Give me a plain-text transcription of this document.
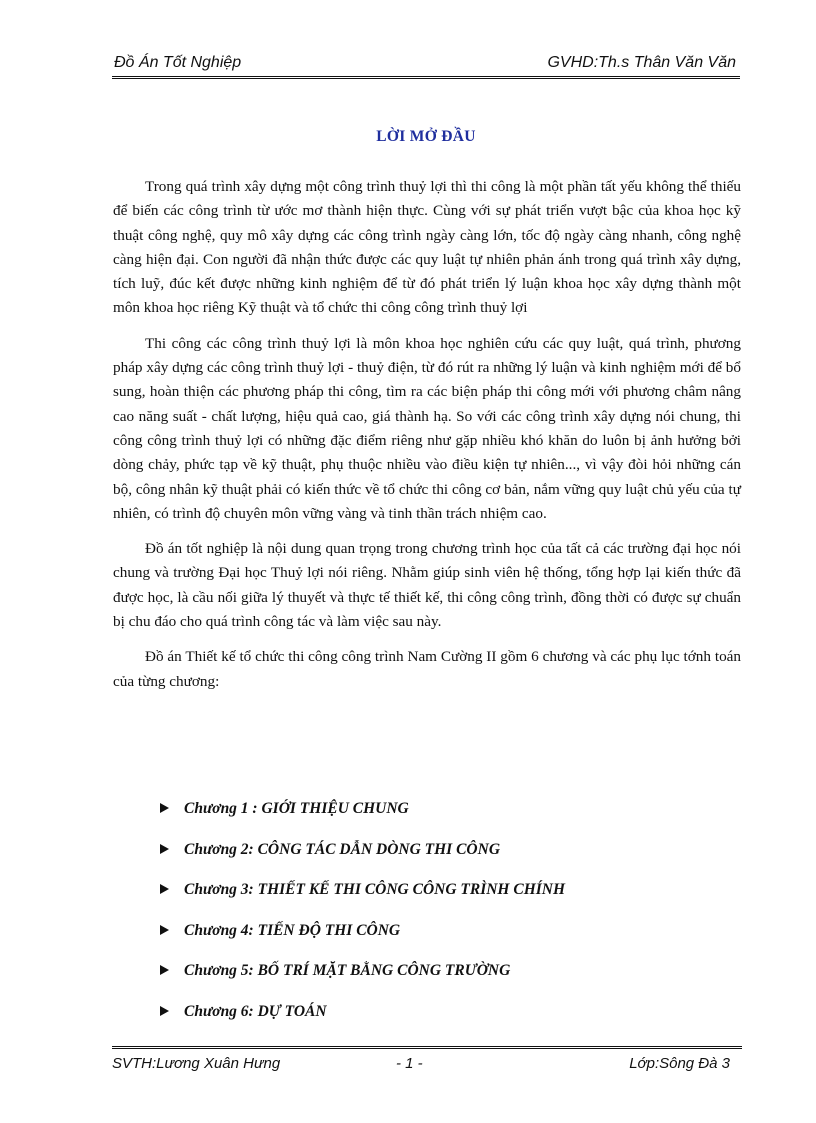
Đồ Án Tốt Nghiệp	GVHD:Th.s Thân Văn Văn
LỜI MỞ ĐẦU

Trong quá trình xây dựng một công trình thuỷ lợi thì thi công là một phần tất yếu không thể thiếu để biến các công trình từ ước mơ thành hiện thực. Cùng với sự phát triển vượt bậc của khoa học kỹ thuật công nghệ, quy mô xây dựng các công trình ngày càng lớn, tốc độ ngày càng nhanh, công nghệ càng hiện đại. Con người đã nhận thức được các quy luật tự nhiên phản ánh trong quá trình xây dựng, tích luỹ, đúc kết được những kinh nghiệm để từ đó phát triển lý luận khoa học xây dựng thành một môn khoa học riêng Kỹ thuật và tổ chức thi công công trình thuỷ lợi

Thi công các công trình thuỷ lợi là môn khoa học nghiên cứu các quy luật, quá trình, phương pháp xây dựng các công trình thuỷ lợi - thuỷ điện, từ đó rút ra những lý luận và kinh nghiệm mới để bổ sung, hoàn thiện các phương pháp thi công, tìm ra các biện pháp thi công mới với phương châm nâng cao năng suất - chất lượng, hiệu quả cao, giá thành hạ. So với các công trình xây dựng nói chung, thi công công trình thuỷ lợi có những đặc điểm riêng như gặp nhiều khó khăn do luôn bị ảnh hưởng bởi dòng chảy, phức tạp về kỹ thuật, phụ thuộc nhiều vào điều kiện tự nhiên..., vì vậy đòi hỏi những cán bộ, công nhân kỹ thuật phải có kiến thức về tổ chức thi công cơ bản, nắm vững quy luật chủ yếu của tự nhiên, có trình độ chuyên môn vững vàng và tinh thần trách nhiệm cao.

Đồ án tốt nghiệp là nội dung quan trọng trong chương trình học của tất cả các trường đại học nói chung và trường Đại học Thuỷ lợi nói riêng. Nhằm giúp sinh viên hệ thống, tổng hợp lại kiến thức đã được học, là cầu nối giữa lý thuyết và thực tế thiết kế, thi công công trình, đồng thời có được sự chuẩn bị chu đáo cho quá trình công tác và làm việc sau này.

Đồ án Thiết kế tổ chức thi công công trình Nam Cường II gồm 6 chương và các phụ lục tớnh toán của từng chương:

Chương 1 : GIỚI THIỆU CHUNG
Chương 2: CÔNG TÁC DẪN DÒNG THI CÔNG
Chương 3: THIẾT KẾ THI CÔNG CÔNG TRÌNH CHÍNH
Chương 4: TIẾN ĐỘ THI CÔNG
Chương 5: BỐ TRÍ MẶT BẰNG CÔNG TRƯỜNG
Chương 6: DỰ TOÁN
SVTH:Lương Xuân Hưng	- 1 -	Lớp:Sông Đà 3
